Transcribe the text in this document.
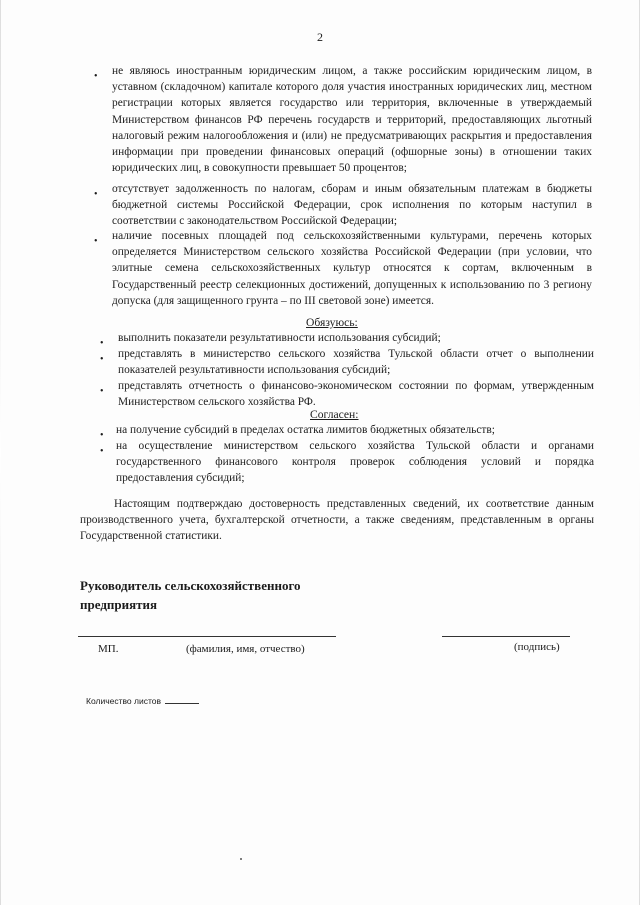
2
• не являюсь иностранным юридическим лицом, а также российским юридическим лицом, в уставном (складочном) капитале которого доля участия иностранных юридических лиц, местном регистрации которых является государство или территория, включенные в утверждаемый Министерством финансов РФ перечень государств и территорий, предоставляющих льготный налоговый режим налогообложения и (или) не предусматривающих раскрытия и предоставления информации при проведении финансовых операций (офшорные зоны) в отношении таких юридических лиц, в совокупности превышает 50 процентов;
• отсутствует задолженность по налогам, сборам и иным обязательным платежам в бюджеты бюджетной системы Российской Федерации, срок исполнения по которым наступил в соответствии с законодательством Российской Федерации;
• наличие посевных площадей под сельскохозяйственными культурами, перечень которых определяется Министерством сельского хозяйства Российской Федерации (при условии, что элитные семена сельскохозяйственных культур относятся к сортам, включенным в Государственный реестр селекционных достижений, допущенных к использованию по 3 региону допуска (для защищенного грунта – по III световой зоне) имеется.
Обязуюсь:
• выполнить показатели результативности использования субсидий;
• представлять в министерство сельского хозяйства Тульской области отчет о выполнении показателей результативности использования субсидий;
• представлять отчетность о финансово-экономическом состоянии по формам, утвержденным Министерством сельского хозяйства РФ.
Согласен:
• на получение субсидий в пределах остатка лимитов бюджетных обязательств;
• на осуществление министерством сельского хозяйства Тульской области и органами государственного финансового контроля проверок соблюдения условий и порядка предоставления субсидий;
Настоящим подтверждаю достоверность представленных сведений, их соответствие данным производственного учета, бухгалтерской отчетности, а также сведениям, представленным в органы Государственной статистики.
Руководитель сельскохозяйственного
предприятия
МП.	(фамилия, имя, отчество)	(подпись)
Количество листов
